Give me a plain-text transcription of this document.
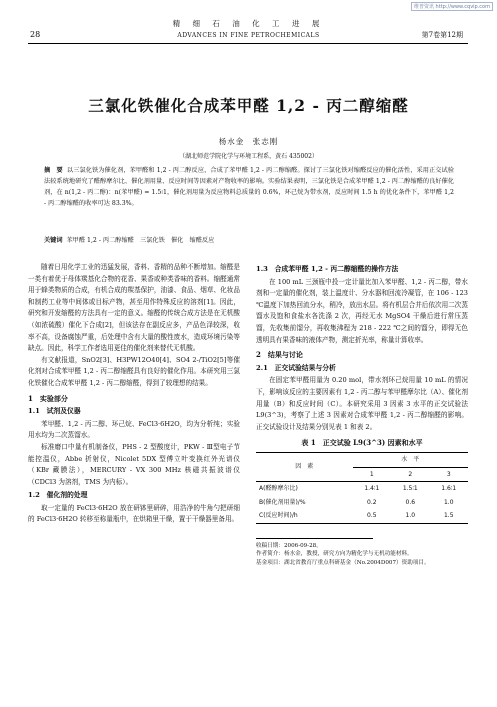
维普资讯 http://www.cqvip.com
精 细 石 油 化 工 进 展
28	ADVANCES IN FINE PETROCHEMICALS	第7卷第12期
三氯化铁催化合成苯甲醛 1,2 - 丙二醇缩醛
杨水金　张志刚
（湖北师范学院化学与环境工程系，黄石 435002）
摘　要 以三氯化铁为催化剂，苯甲醛和 1,2 - 丙二醇反应，合成了苯甲醛 1,2 - 丙二醇缩醛。探讨了三氯化铁对缩醛反应的催化活性，采用正交试验法较系统地研究了醛醇摩尔比、催化剂用量、反应时间等因素对产物收率的影响。实验结果表明，三氯化铁是合成苯甲醛 1,2 - 丙二醇缩醛的良好催化剂，在 n(1,2 - 丙二醇)：n(苯甲醛) = 1.5∶1，催化剂用量为反应物料总质量的 0.6%，环己烷为带水剂，反应时间 1.5 h 的优化条件下，苯甲醛 1,2 - 丙二醇缩醛的收率可达 83.3%。
关键词 苯甲醛 1,2 - 丙二醇缩醛　三氯化铁　催化　缩醛反应

随着日用化学工业的迅猛发展，香料、香精的品种不断增加。缩醛是一类有着优于母体羰基化合物的花香、果香或种类香味的香料。缩醛通常用于蜂类物质的合成，有机合成的羰基保护，油漆、食品、烟草、化妆品和制药工业等中间体或目标产物，甚至用作特殊反应的溶剂[1]。因此，研究和开发缩醛的方法具有一定的意义。缩醛的传统合成方法是在无机酸（如浓硫酸）催化下合成[2]，但该法存在副反应多，产品色泽较深，收率不高，设备腐蚀严重，后处理中含有大量的酸性废水，造成环境污染等缺点。因此，科学工作者选用更佳的催化剂来替代无机酸。

有文献报道，SnO2[3]、H3PW12O40[4]、SO4 2-/TiO2[5]等催化剂对合成苯甲醛 1,2 - 丙二醇缩醛具有良好的催化作用。本研究用三氯化铁催化合成苯甲醛 1,2 - 丙二醇缩醛，得到了较理想的结果。

1　实验部分
1.1　试剂及仪器

苯甲醛、1,2 - 丙二醇、环己烷、FeCl3·6H2O，均为分析纯；实验用水均为二次蒸馏水。

标准磨口中量有机制备仪，PHS - 2 型酸度计，PKW - Ⅲ型电子节能控温仪，Abbe 折射仪，Nicolet 5DX 型傅立叶变换红外光谱仪（KBr 藏膜法），MERCURY - VX 300 MHz 核磁共振波谱仪（CDCl3 为溶剂，TMS 为内标）。

1.2　催化剂的处理

取一定量的 FeCl3·6H2O 放在研钵里研碎，用浩净的牛角勺把研细的 FeCl3·6H2O 转移至称量瓶中，在烘箱里干燥，置于干燥器里备用。

1.3　合成苯甲醛 1,2 - 丙二醇缩醛的操作方法

在 100 mL 三颈瓶中投一定计量比加入苯甲醛、1,2 - 丙二醇，带水剂和一定量的催化剂，装上温度计、分水器和回流冷凝管，在 106 - 123 ℃温度下加热回流分水，稍冷，放出水层。将有机层合并后依次用二次蒸馏水及饱和食盐水各洗涤 2 次，再经无水 MgSO4 干燥后进行常压蒸馏，先收集前馏分，再收集沸程为 218 - 222 ℃之间的馏分，即得无色透明具有果香味的液体产物，测定折光率，称量计算收率。

2　结果与讨论
2.1　正交试验结果与分析

在固定苯甲醛用量为 0.20 mol，带水剂环己烷用量 10 mL 的情况下，影响该反应的主要因素有 1,2 - 丙二醇与苯甲醛摩尔比（A）、催化剂用量（B）和反应时间（C）。本研究采用 3 因素 3 水平的正交试验法 L9(3^3)，考察了上述 3 因素对合成苯甲醛 1,2 - 丙二醇缩醛的影响。正交试验设计及结果分别见表 1 和表 2。

表 1　正交试验 L9(3^3) 因素和水平
因　素	水　平		
	1	2	3
A(醛醇摩尔比)	1.4∶1	1.5∶1	1.6∶1
B(催化剂用量)/%	0.2	0.6	1.0
C(反应时间)/h	0.5	1.0	1.5

收稿日期：2006-09-28。

作者简介：杨水金，教授，研究方向为精化学与无机功能材料。

基金项目：湖北省教育厅重点科研基金（No.2004D007）资助项目。
